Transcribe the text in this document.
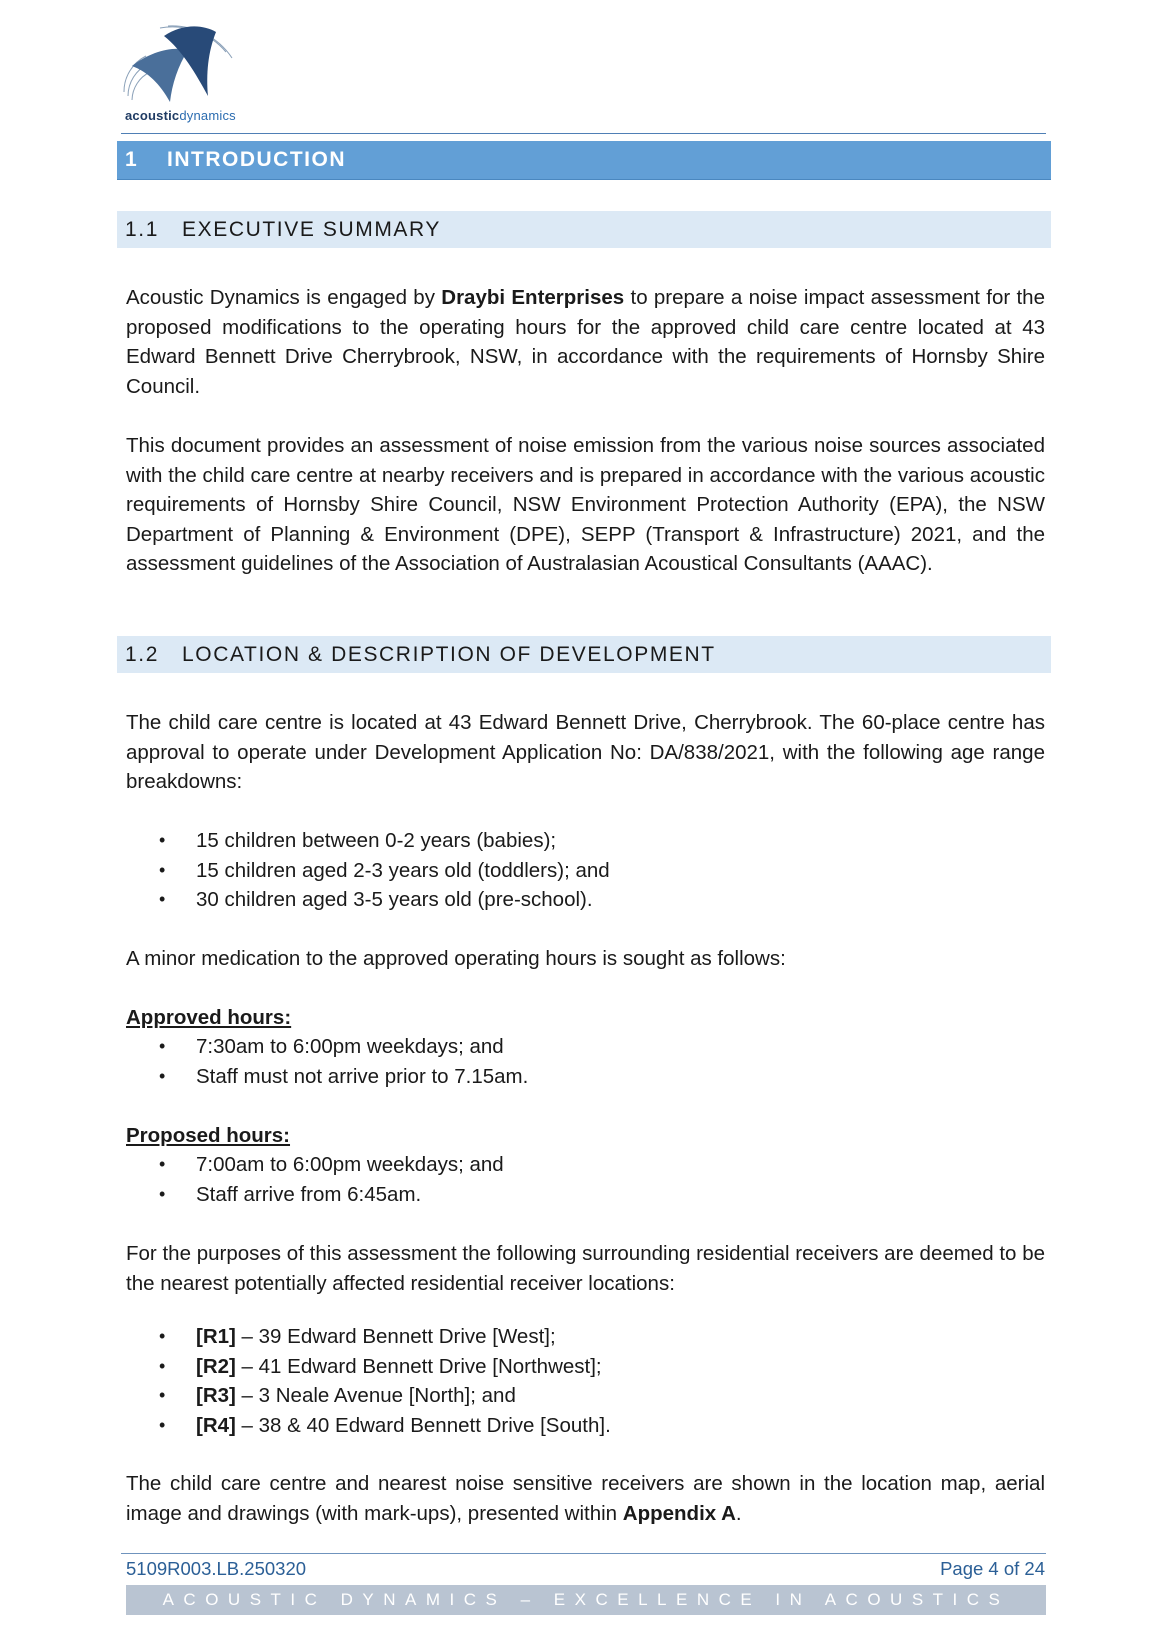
acousticdynamics
1 INTRODUCTION
1.1 EXECUTIVE SUMMARY

Acoustic Dynamics is engaged by Draybi Enterprises to prepare a noise impact assessment for the proposed modifications to the operating hours for the approved child care centre located at 43 Edward Bennett Drive Cherrybrook, NSW, in accordance with the requirements of Hornsby Shire Council.

This document provides an assessment of noise emission from the various noise sources associated with the child care centre at nearby receivers and is prepared in accordance with the various acoustic requirements of Hornsby Shire Council, NSW Environment Protection Authority (EPA), the NSW Department of Planning & Environment (DPE), SEPP (Transport & Infrastructure) 2021, and the assessment guidelines of the Association of Australasian Acoustical Consultants (AAAC).

1.2 LOCATION & DESCRIPTION OF DEVELOPMENT

The child care centre is located at 43 Edward Bennett Drive, Cherrybrook. The 60-place centre has approval to operate under Development Application No: DA/838/2021, with the following age range breakdowns:

• 15 children between 0-2 years (babies);
• 15 children aged 2-3 years old (toddlers); and
• 30 children aged 3-5 years old (pre-school).

A minor medication to the approved operating hours is sought as follows:

Approved hours:
• 7:30am to 6:00pm weekdays; and
• Staff must not arrive prior to 7.15am.
Proposed hours:
• 7:00am to 6:00pm weekdays; and
• Staff arrive from 6:45am.

For the purposes of this assessment the following surrounding residential receivers are deemed to be the nearest potentially affected residential receiver locations:

• [R1] – 39 Edward Bennett Drive [West];
• [R2] – 41 Edward Bennett Drive [Northwest];
• [R3] – 3 Neale Avenue [North]; and
• [R4] – 38 & 40 Edward Bennett Drive [South].

The child care centre and nearest noise sensitive receivers are shown in the location map, aerial image and drawings (with mark-ups), presented within Appendix A.

5109R003.LB.250320	Page 4 of 24
ACOUSTIC DYNAMICS – EXCELLENCE IN ACOUSTICS
